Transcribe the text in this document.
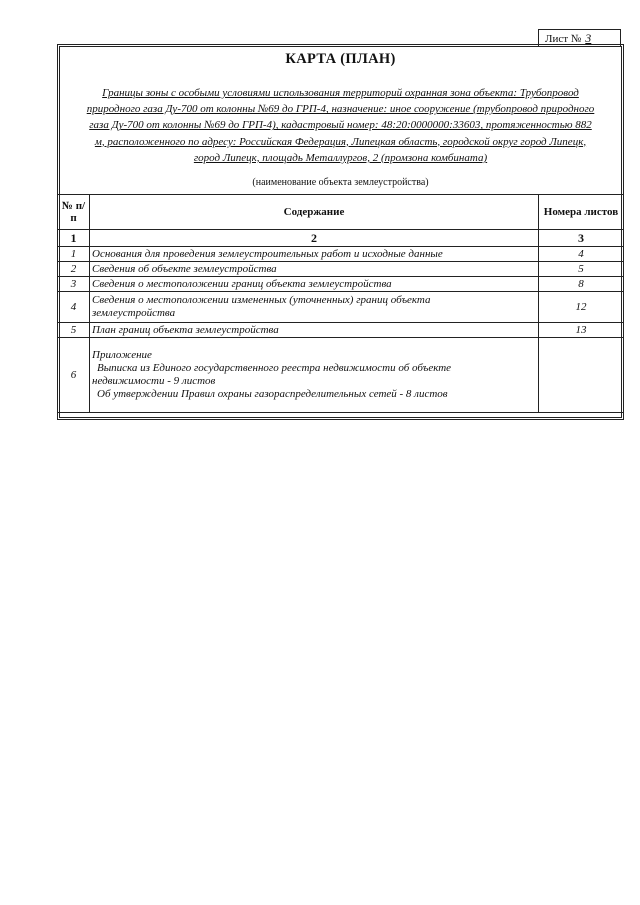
Лист № 3
КАРТА (ПЛАН)
Границы зоны с особыми условиями использования территорий охранная зона объекта: Трубопровод
природного газа Ду-700 от колонны №69 до ГРП-4, назначение: иное сооружение (трубопровод природного
газа Ду-700 от колонны №69 до ГРП-4), кадастровый номер: 48:20:0000000:33603, протяженностью 882
м, расположенного по адресу: Российская Федерация, Липецкая область, городской округ город Липецк,
город Липецк, площадь Металлургов, 2 (промзона комбината)
(наименование объекта землеустройства)
№ п/п	Содержание	Номера листов
1	2	3
1	Основания для проведения землеустроительных работ и исходные данные	4
2	Сведения об объекте землеустройства	5
3	Сведения о местоположении границ объекта землеустройства	8
4	Сведения о местоположении измененных (уточненных) границ объекта
землеустройства	12
5	План границ объекта землеустройства	13
6	Приложение
Выписка из Единого государственного реестра недвижимости об объекте
недвижимости - 9 листов
Об утверждении Правил охраны газораспределительных сетей - 8 листов	
